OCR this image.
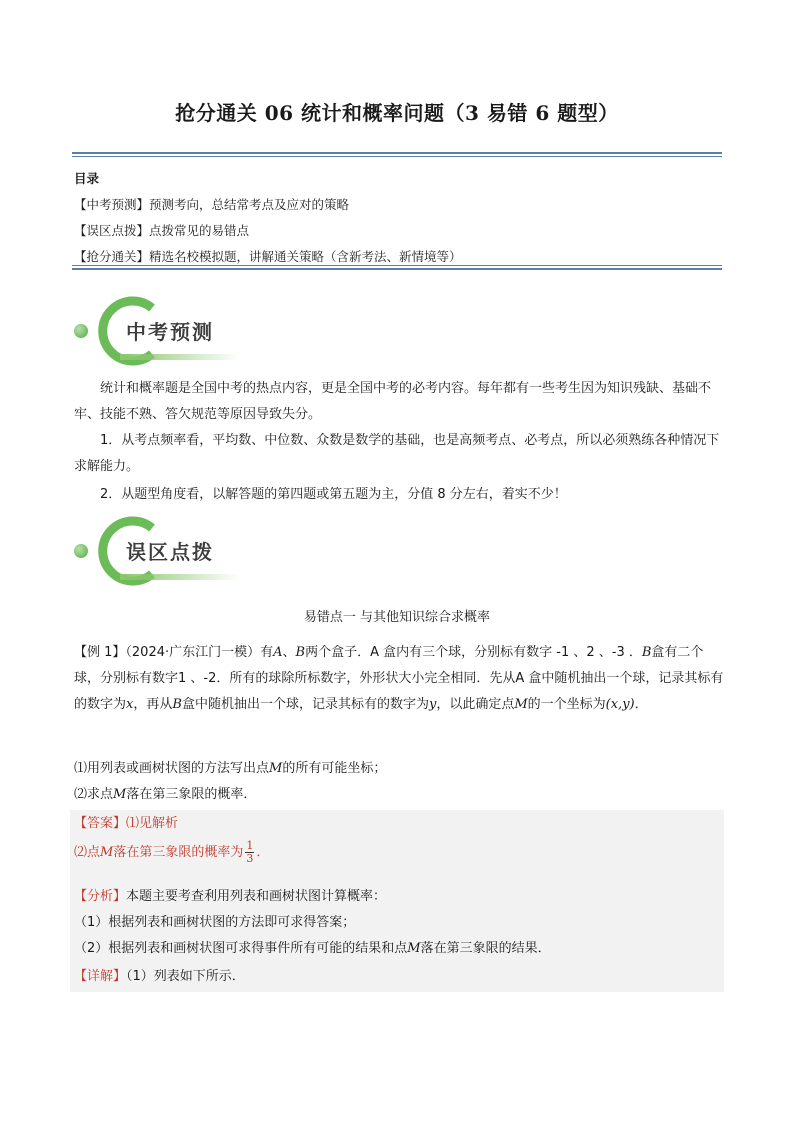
抢分通关 06 统计和概率问题（3 易错 6 题型）
目录
【中考预测】预测考向，总结常考点及应对的策略
【误区点拨】点拨常见的易错点
【抢分通关】精选名校模拟题，讲解通关策略（含新考法、新情境等）
中考预测
统计和概率题是全国中考的热点内容，更是全国中考的必考内容。每年都有一些考生因为知识残缺、基础不牢、技能不熟、答欠规范等原因导致失分。
1．从考点频率看，平均数、中位数、众数是数学的基础，也是高频考点、必考点，所以必须熟练各种情况下求解能力。
2．从题型角度看，以解答题的第四题或第五题为主，分值 8 分左右，着实不少！
误区点拨
易错点一 与其他知识综合求概率
【例 1】（2024·广东江门一模）有A、B两个盒子．A 盒内有三个球，分别标有数字 -1 、2 、-3 ．B盒有二个球，分别标有数字1 、-2．所有的球除所标数字，外形状大小完全相同．先从A 盒中随机抽出一个球，记录其标有的数字为x，再从B盒中随机抽出一个球，记录其标有的数字为y，以此确定点M的一个坐标为(x,y)．
⑴用列表或画树状图的方法写出点M的所有可能坐标；
⑵求点M落在第三象限的概率．
【答案】⑴见解析
⑵点M落在第三象限的概率为 $\frac{1}{3}$ ．
【分析】本题主要考查利用列表和画树状图计算概率：
（1）根据列表和画树状图的方法即可求得答案；
（2）根据列表和画树状图可求得事件所有可能的结果和点M落在第三象限的结果．
【详解】（1）列表如下所示．
